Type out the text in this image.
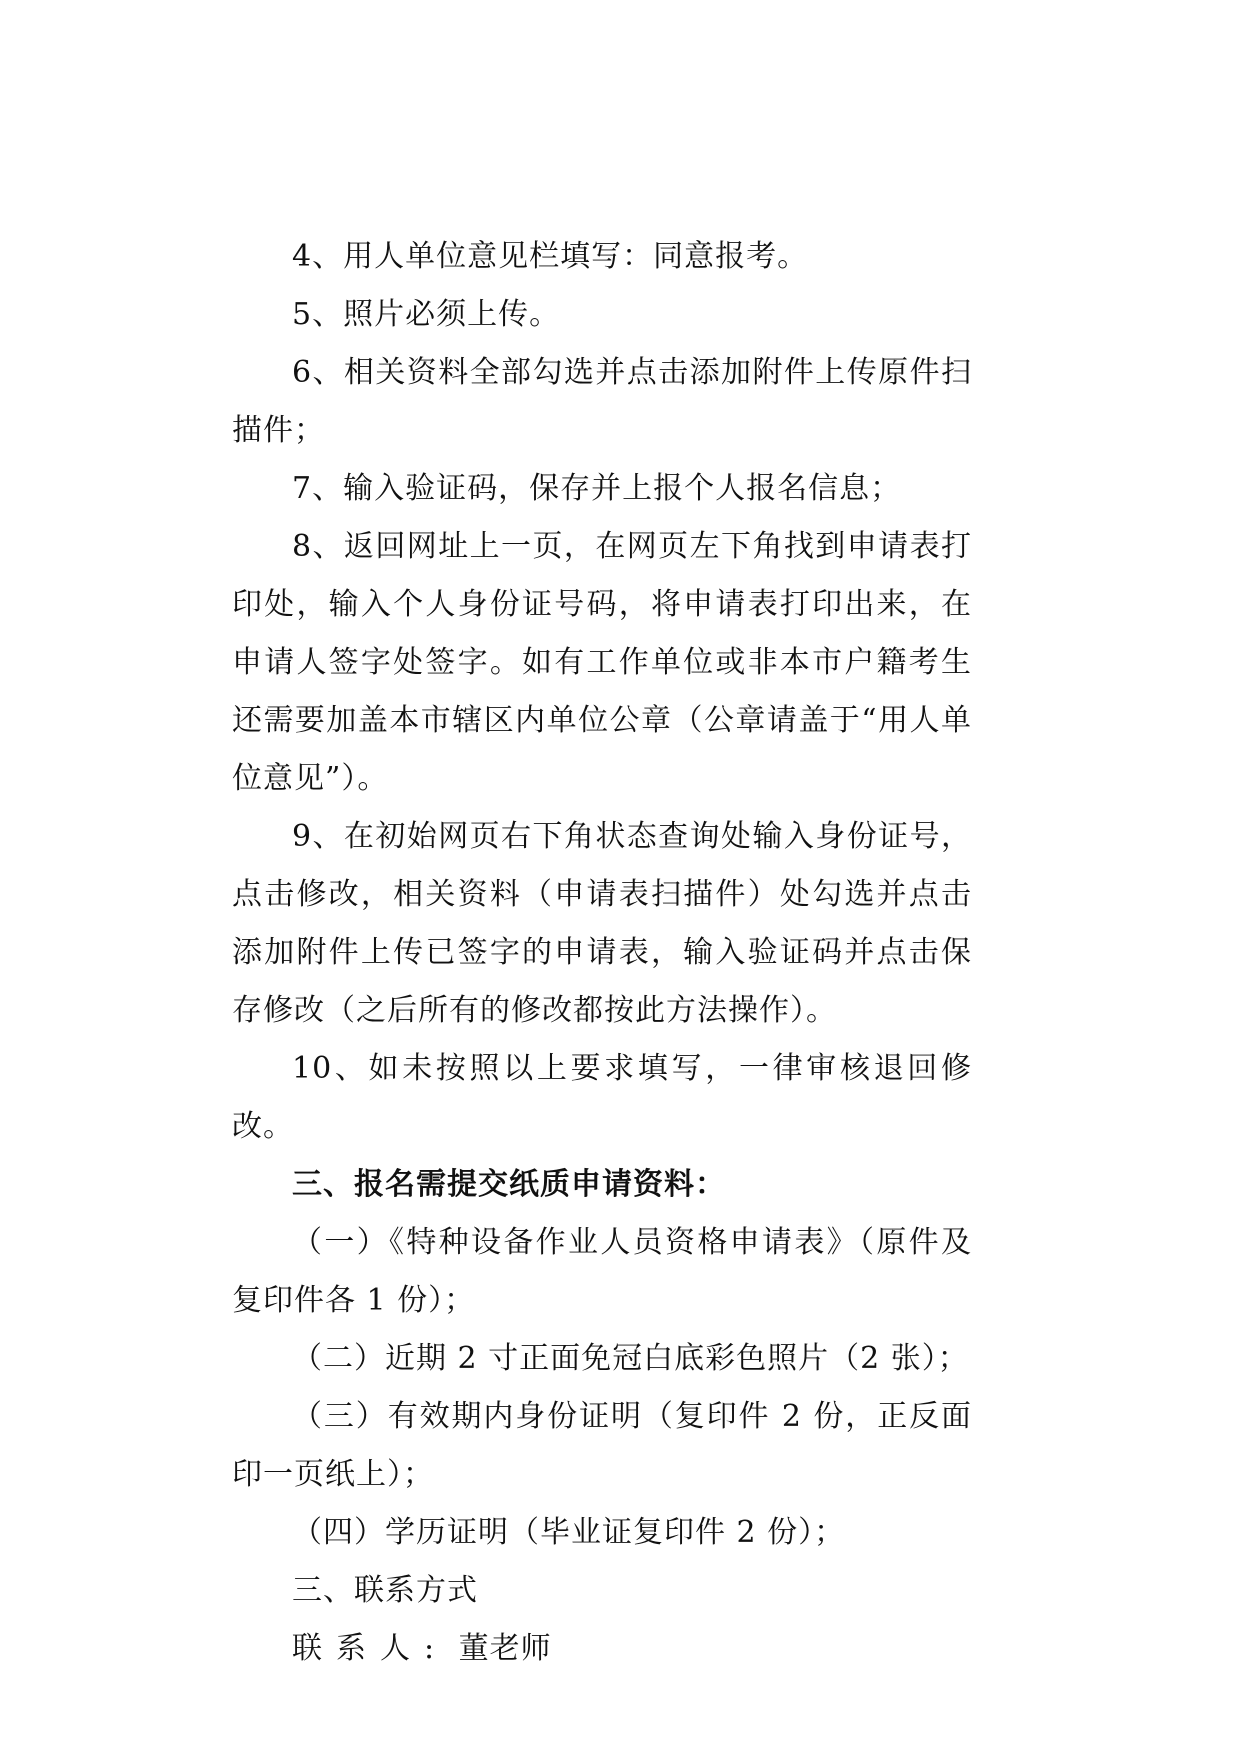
4、用人单位意见栏填写：同意报考。

5、照片必须上传。

6、相关资料全部勾选并点击添加附件上传原件扫描件；

7、输入验证码，保存并上报个人报名信息；

8、返回网址上一页，在网页左下角找到申请表打印处，输入个人身份证号码，将申请表打印出来，在申请人签字处签字。如有工作单位或非本市户籍考生还需要加盖本市辖区内单位公章（公章请盖于“用人单位意见”）。

9、在初始网页右下角状态查询处输入身份证号，点击修改，相关资料（申请表扫描件）处勾选并点击添加附件上传已签字的申请表，输入验证码并点击保存修改（之后所有的修改都按此方法操作）。

10、如未按照以上要求填写，一律审核退回修改。

三、报名需提交纸质申请资料：

（一）《特种设备作业人员资格申请表》（原件及复印件各 1 份）；

（二）近期 2 寸正面免冠白底彩色照片（2 张）；

（三）有效期内身份证明（复印件 2 份，正反面印一页纸上）；

（四）学历证明（毕业证复印件 2 份）；

三、联系方式

联系人: 董老师
